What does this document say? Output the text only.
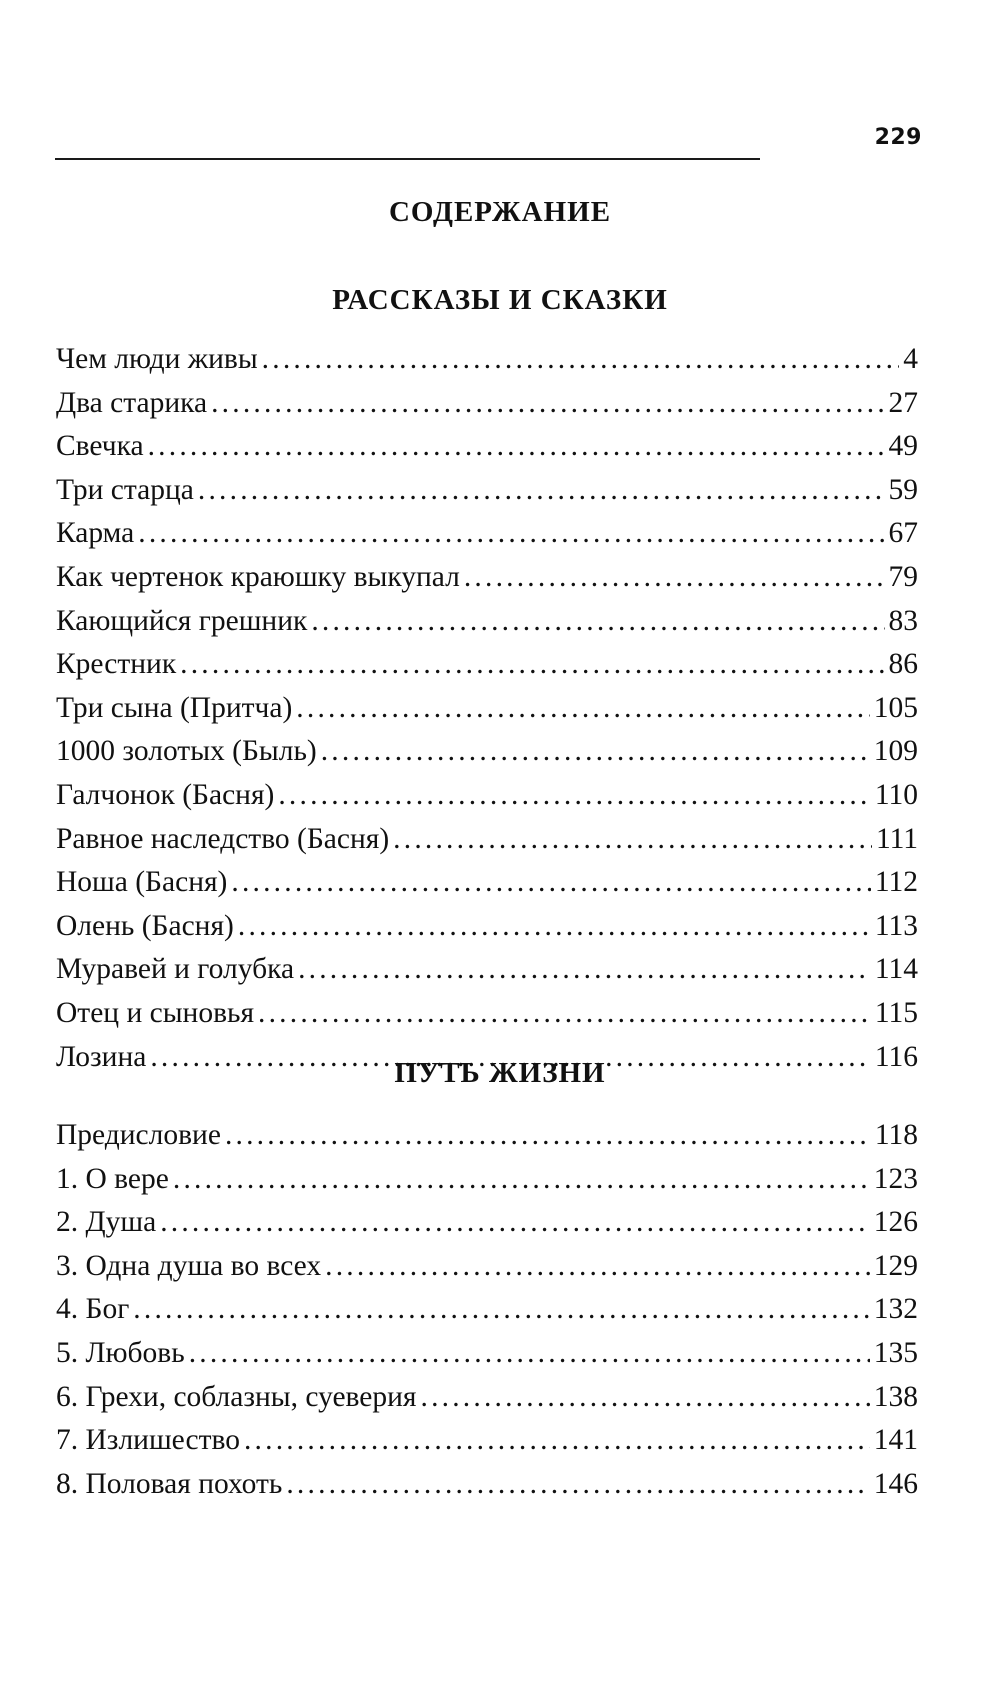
229
СОДЕРЖАНИЕ
РАССКАЗЫ И СКАЗКИ
Чем люди живы .....	4
Два старика .....	27
Свечка .....	49
Три старца .....	59
Карма .....	67
Как чертенок краюшку выкупал .....	79
Кающийся грешник .....	83
Крестник .....	86
Три сына (Притча) .....	105
1000 золотых (Быль) .....	109
Галчонок (Басня) .....	110
Равное наследство (Басня) .....	111
Ноша (Басня) .....	112
Олень (Басня) .....	113
Муравей и голубка .....	114
Отец и сыновья .....	115
Лозина .....	116
ПУТЬ ЖИЗНИ
Предисловие .....	118
1. О вере .....	123
2. Душа .....	126
3. Одна душа во всех .....	129
4. Бог .....	132
5. Любовь .....	135
6. Грехи, соблазны, суеверия .....	138
7. Излишество .....	141
8. Половая похоть .....	146
